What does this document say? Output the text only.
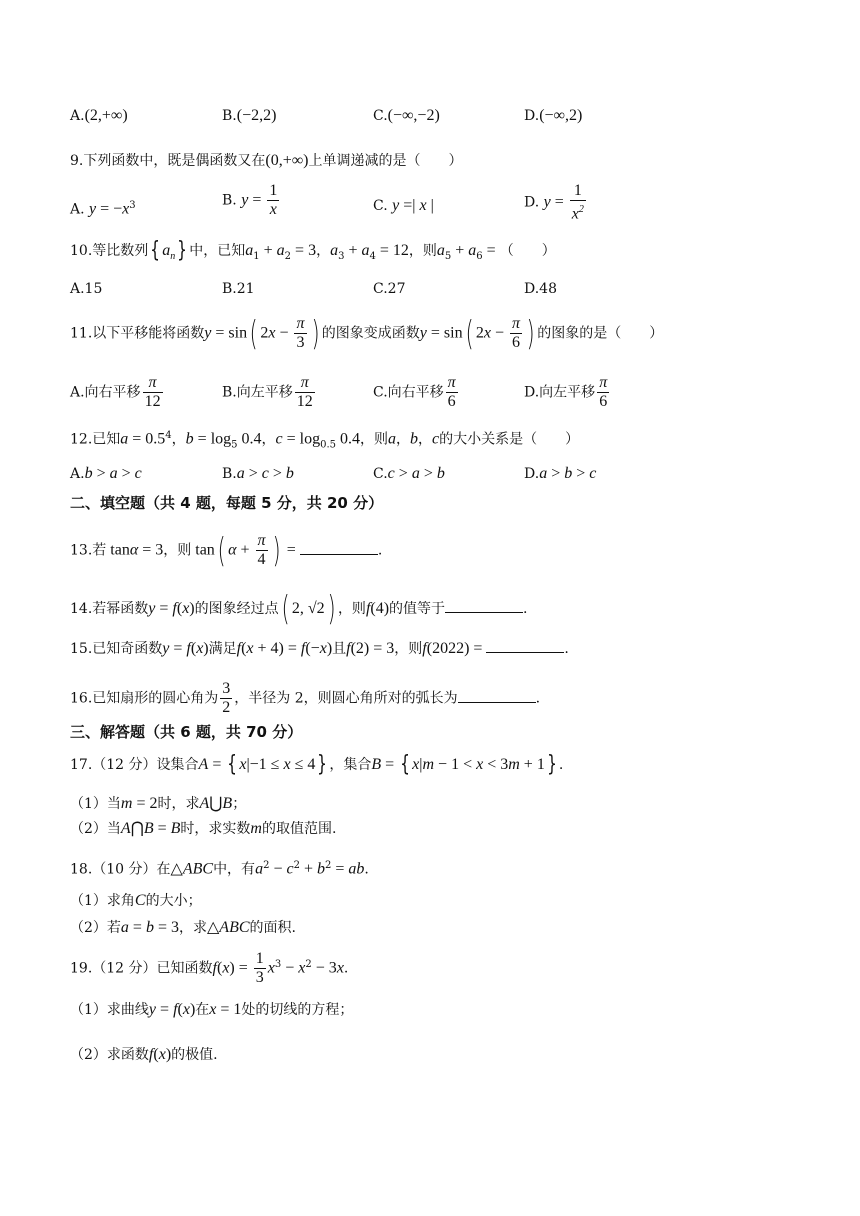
A.(2,+∞)	B.(−2,2)	C.(−∞,−2)	D.(−∞,2)
9.下列函数中，既是偶函数又在(0,+∞)上单调递减的是（　　）
A. $y = -x^3$	B. $y = \frac{1}{x}$	C. y =| x |	D. $y = \frac{1}{x^2}$
10.等比数列{ $a_n$} 中，已知$a_1 + a_2 = 3$，$a_3 + a_4 = 12$，则$a_5 + a_6$ = （　　）
A.15	B.21	C.27	D.48
11.以下平移能将函数y = sin( $2x - \frac{\pi}{3}$ ) 的图象变成函数y = sin( $2x - \frac{\pi}{6}$ ) 的图象的是（　　）
A.向右平移 $\frac{\pi}{12}$	B.向左平移 $\frac{\pi}{12}$	C.向右平移 $\frac{\pi}{6}$	D.向左平移 $\frac{\pi}{6}$
12.已知$a = 0.5^4$，$b = \log_5 0.4$，$c = \log_{0.5} 0.4$，则a，b，c的大小关系是（　　）
A.b > a > c	B.a > c > b	C.c > a > b	D.a > b > c
二、填空题（共 4 题，每题 5 分，共 20 分）
13.若 tanα = 3，则 tan( $\alpha + \frac{\pi}{4}$ ) =	.
14.若幂函数y = f(x)的图象经过点( 2, √2) ，则f(4)的值等于	.
15.已知奇函数y = f(x)满足f(x + 4) = f(−x)且f(2) = 3，则f(2022) =	.
16.已知扇形的圆心角为 $\frac{3}{2}$ ，半径为 2，则圆心角所对的弧长为	.
三、解答题（共 6 题，共 70 分）
17.（12 分）设集合A = { x|−1 ≤ x ≤ 4} ，集合B = { x|m − 1 < x < 3m + 1} .
（1）当m = 2时，求A⋃B；
（2）当A⋂B = B时，求实数m的取值范围.
18.（10 分）在△ABC中，有$a^2 - c^2 + b^2$ = ab.
（1）求角C的大小；
（2）若a = b = 3，求△ABC的面积.
19.（12 分）已知函数$f(x) = \frac{1}{3} x^3 - x^2 - 3x$.
（1）求曲线y = f(x)在x = 1处的切线的方程；
（2）求函数f(x)的极值.
